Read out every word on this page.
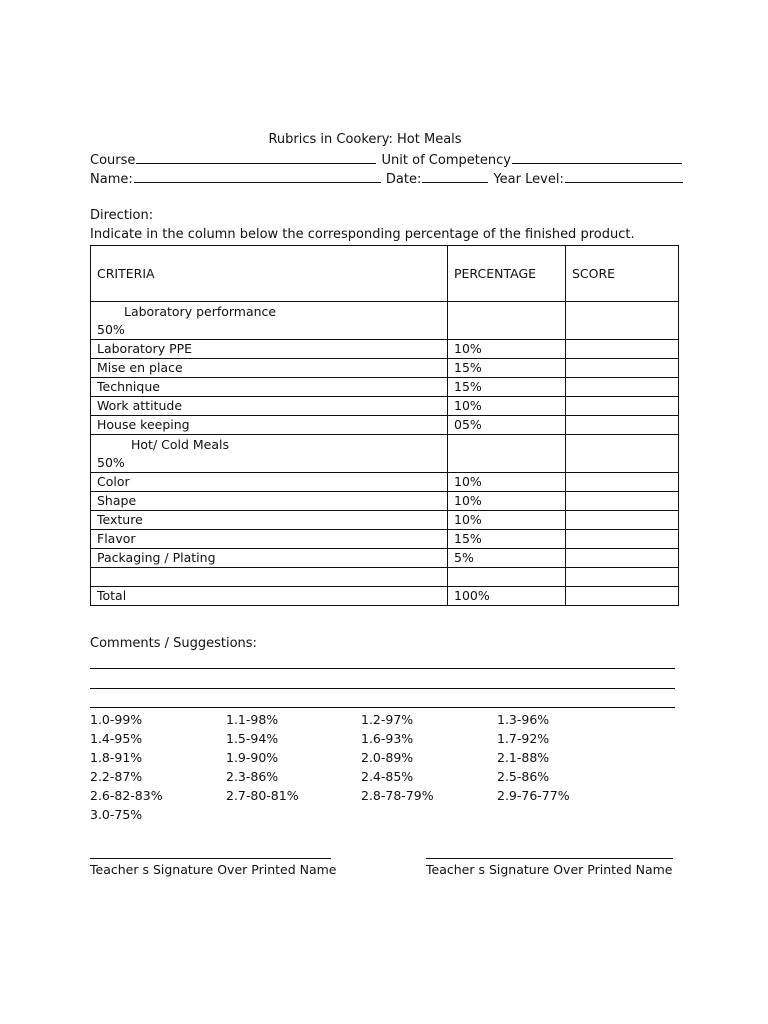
Rubrics in Cookery: Hot Meals
Course	Unit of Competency
Name:	Date:	Year Level:
Direction:
Indicate in the column below the corresponding percentage of the finished product.
CRITERIA	PERCENTAGE	SCORE

Laboratory performance
50%		
Laboratory PPE	10%	
Mise en place	15%	
Technique	15%	
Work attitude	10%	
House keeping	05%	

Hot/ Cold Meals
50%		
Color	10%	
Shape	10%	
Texture	10%	
Flavor	15%	
Packaging / Plating	5%	

Total	100%	
Comments / Suggestions:
1.0-99%	1.1-98%	1.2-97%	1.3-96%
1.4-95%	1.5-94%	1.6-93%	1.7-92%
1.8-91%	1.9-90%	2.0-89%	2.1-88%
2.2-87%	2.3-86%	2.4-85%	2.5-86%
2.6-82-83%	2.7-80-81%	2.8-78-79%	2.9-76-77%
3.0-75%
Teacher s Signature Over Printed Name	Teacher s Signature Over Printed Name
